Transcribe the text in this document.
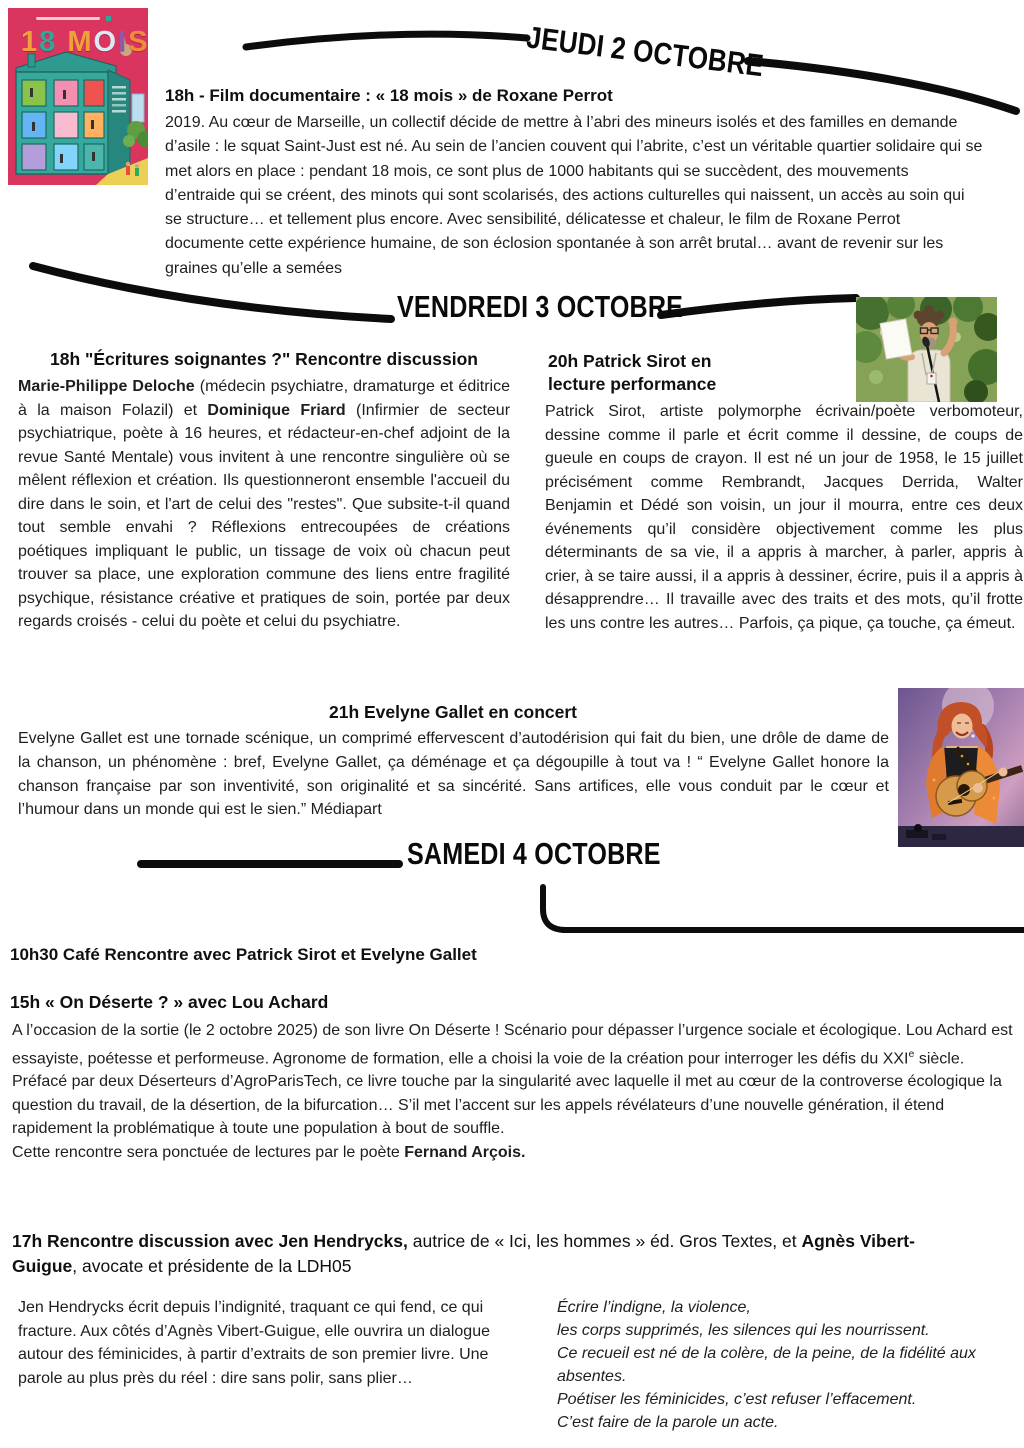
18 MOIS	JEUDI 2 OCTOBRE
18h - Film documentaire : « 18 mois » de Roxane Perrot
2019. Au cœur de Marseille, un collectif décide de mettre à l’abri des mineurs isolés et des familles en demande d’asile : le squat Saint-Just est né. Au sein de l’ancien couvent qui l’abrite, c’est un véritable quartier solidaire qui se met alors en place : pendant 18 mois, ce sont plus de 1000 habitants qui se succèdent, des mouvements d’entraide qui se créent, des minots qui sont scolarisés, des actions culturelles qui naissent, un accès au soin qui se structure… et tellement plus encore. Avec sensibilité, délicatesse et chaleur, le film de Roxane Perrot documente cette expérience humaine, de son éclosion spontanée à son arrêt brutal… avant de revenir sur les graines qu’elle a semées
VENDREDI 3 OCTOBRE
18h "Écritures soignantes ?" Rencontre discussion
Marie-Philippe Deloche (médecin psychiatre, dramaturge et éditrice à la maison Folazil) et Dominique Friard (Infirmier de secteur psychiatrique, poète à 16 heures, et rédacteur-en-chef adjoint de la revue Santé Mentale) vous invitent à une rencontre singulière où se mêlent réflexion et création. Ils questionneront ensemble l'accueil du dire dans le soin, et l'art de celui des "restes". Que subsite-t-il quand tout semble envahi ? Réflexions entrecoupées de créations poétiques impliquant le public, un tissage de voix où chacun peut trouver sa place, une exploration commune des liens entre fragilité psychique, résistance créative et pratiques de soin, portée par deux regards croisés - celui du poète et celui du psychiatre.
20h Patrick Sirot en
lecture performance
Patrick Sirot, artiste polymorphe écrivain/poète verbomoteur, dessine comme il parle et écrit comme il dessine, de coups de gueule en coups de crayon. Il est né un jour de 1958, le 15 juillet précisément comme Rembrandt, Jacques Derrida, Walter Benjamin et Dédé son voisin, un jour il mourra, entre ces deux événements qu’il considère objectivement comme les plus déterminants de sa vie, il a appris à marcher, à parler, appris à crier, à se taire aussi, il a appris à dessiner, écrire, puis il a appris à désapprendre… Il travaille avec des traits et des mots, qu’il frotte les uns contre les autres… Parfois, ça pique, ça touche, ça émeut.
21h Evelyne Gallet en concert
Evelyne Gallet est une tornade scénique, un comprimé effervescent d’autodérision qui fait du bien, une drôle de dame de la chanson, un phénomène : bref, Evelyne Gallet, ça déménage et ça dégoupille à tout va ! “ Evelyne Gallet honore la chanson française par son inventivité, son originalité et sa sincérité. Sans artifices, elle vous conduit par le cœur et l’humour dans un monde qui est le sien.” Médiapart
SAMEDI 4 OCTOBRE
10h30 Café Rencontre avec Patrick Sirot et Evelyne Gallet
15h « On Déserte ? » avec Lou Achard
A l’occasion de la sortie (le 2 octobre 2025) de son livre On Déserte ! Scénario pour dépasser l’urgence sociale et écologique. Lou Achard est essayiste, poétesse et performeuse. Agronome de formation, elle a choisi la voie de la création pour interroger les défis du XXIe siècle. Préfacé par deux Déserteurs d’AgroParisTech, ce livre touche par la singularité avec laquelle il met au cœur de la controverse écologique la question du travail, de la désertion, de la bifurcation… S’il met l’accent sur les appels révélateurs d’une nouvelle génération, il étend rapidement la problématique à toute une population à bout de souffle.
Cette rencontre sera ponctuée de lectures par le poète Fernand Arçois.
17h Rencontre discussion avec Jen Hendrycks, autrice de « Ici, les hommes » éd. Gros Textes, et Agnès Vibert-Guigue, avocate et présidente de la LDH05
Jen Hendrycks écrit depuis l’indignité, traquant ce qui fend, ce qui fracture. Aux côtés d’Agnès Vibert-Guigue, elle ouvrira un dialogue autour des féminicides, à partir d’extraits de son premier livre. Une parole au plus près du réel : dire sans polir, sans plier…
Écrire l’indigne, la violence,
les corps supprimés, les silences qui les nourrissent.
Ce recueil est né de la colère, de la peine, de la fidélité aux absentes.
Poétiser les féminicides, c’est refuser l’effacement.
C’est faire de la parole un acte.
